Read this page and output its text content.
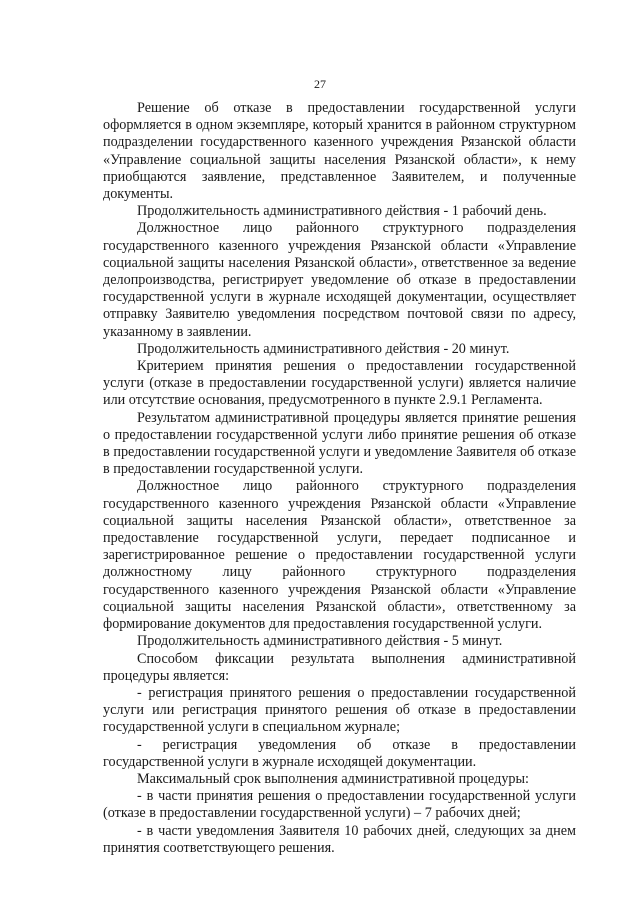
27

Решение об отказе в предоставлении государственной услуги оформляется в одном экземпляре, который хранится в районном структурном подразделении государственного казенного учреждения Рязанской области «Управление социальной защиты населения Рязанской области», к нему приобщаются заявление, представленное Заявителем, и полученные документы.

Продолжительность административного действия - 1 рабочий день.

Должностное лицо районного структурного подразделения государственного казенного учреждения Рязанской области «Управление социальной защиты населения Рязанской области», ответственное за ведение делопроизводства, регистрирует уведомление об отказе в предоставлении государственной услуги в журнале исходящей документации, осуществляет отправку Заявителю уведомления посредством почтовой связи по адресу, указанному в заявлении.

Продолжительность административного действия - 20 минут.

Критерием принятия решения о предоставлении государственной услуги (отказе в предоставлении государственной услуги) является наличие или отсутствие основания, предусмотренного в пункте 2.9.1 Регламента.

Результатом административной процедуры является принятие решения о предоставлении государственной услуги либо принятие решения об отказе в предоставлении государственной услуги и уведомление Заявителя об отказе в предоставлении государственной услуги.

Должностное лицо районного структурного подразделения государственного казенного учреждения Рязанской области «Управление социальной защиты населения Рязанской области», ответственное за предоставление государственной услуги, передает подписанное и зарегистрированное решение о предоставлении государственной услуги должностному лицу районного структурного подразделения государственного казенного учреждения Рязанской области «Управление социальной защиты населения Рязанской области», ответственному за формирование документов для предоставления государственной услуги.

Продолжительность административного действия - 5 минут.

Способом фиксации результата выполнения административной процедуры является:

- регистрация принятого решения о предоставлении государственной услуги или регистрация принятого решения об отказе в предоставлении государственной услуги в специальном журнале;

- регистрация уведомления об отказе в предоставлении государственной услуги в журнале исходящей документации.

Максимальный срок выполнения административной процедуры:

- в части принятия решения о предоставлении государственной услуги (отказе в предоставлении государственной услуги) – 7 рабочих дней;

- в части уведомления Заявителя 10 рабочих дней, следующих за днем принятия соответствующего решения.
